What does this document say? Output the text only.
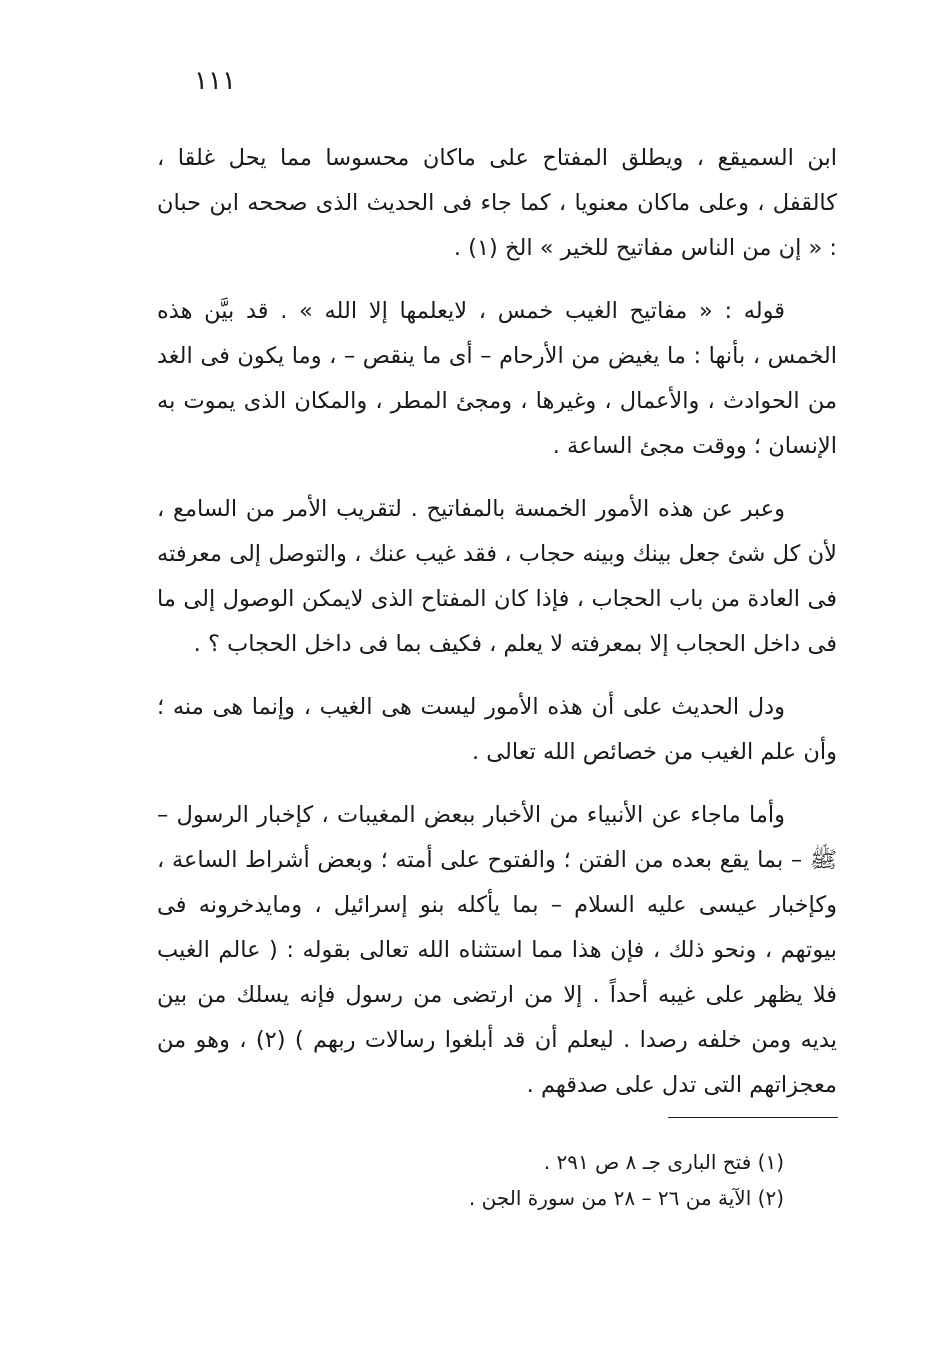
١١١

ابن السميقع ، ويطلق المفتاح على ماكان محسوسا مما يحل غلقا ، كالقفل ، وعلى ماكان معنويا ، كما جاء فى الحديث الذى صححه ابن حبان : « إن من الناس مفاتيح للخير » الخ (١) .

قوله : « مفاتيح الغيب خمس ، لايعلمها إلا الله » . قد بيَّن هذه الخمس ، بأنها : ما يغيض من الأرحام – أى ما ينقص – ، وما يكون فى الغد من الحوادث ، والأعمال ، وغيرها ، ومجئ المطر ، والمكان الذى يموت به الإنسان ؛ ووقت مجئ الساعة .

وعبر عن هذه الأمور الخمسة بالمفاتيح . لتقريب الأمر من السامع ، لأن كل شئ جعل بينك وبينه حجاب ، فقد غيب عنك ، والتوصل إلى معرفته فى العادة من باب الحجاب ، فإذا كان المفتاح الذى لايمكن الوصول إلى ما فى داخل الحجاب إلا بمعرفته لا يعلم ، فكيف بما فى داخل الحجاب ؟ .

ودل الحديث على أن هذه الأمور ليست هى الغيب ، وإنما هى منه ؛ وأن علم الغيب من خصائص الله تعالى .

وأما ماجاء عن الأنبياء من الأخبار ببعض المغيبات ، كإخبار الرسول – ﷺ – بما يقع بعده من الفتن ؛ والفتوح على أمته ؛ وبعض أشراط الساعة ، وكإخبار عيسى عليه السلام – بما يأكله بنو إسرائيل ، ومايدخرونه فى بيوتهم ، ونحو ذلك ، فإن هذا مما استثناه الله تعالى بقوله : ( عالم الغيب فلا يظهر على غيبه أحداً . إلا من ارتضى من رسول فإنه يسلك من بين يديه ومن خلفه رصدا . ليعلم أن قد أبلغوا رسالات ربهم ) (٢) ، وهو من معجزاتهم التى تدل على صدقهم .

(١) فتح البارى جـ ٨ ص ٢٩١ .

(٢) الآية من ٢٦ – ٢٨ من سورة الجن .
